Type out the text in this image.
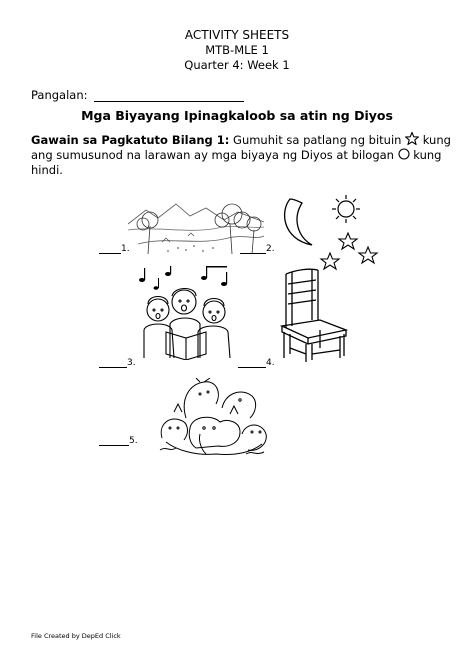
ACTIVITY SHEETS
MTB-MLE 1
Quarter 4: Week 1
Pangalan:
Mga Biyayang Ipinagkaloob sa atin ng Diyos
Gawain sa Pagkatuto Bilang 1: Gumuhit sa patlang ng bituin kung ang sumusunod na larawan ay mga biyaya ng Diyos at bilogan kung hindi.
1.	2.
3.	4.
5.
File Created by DepEd Click
